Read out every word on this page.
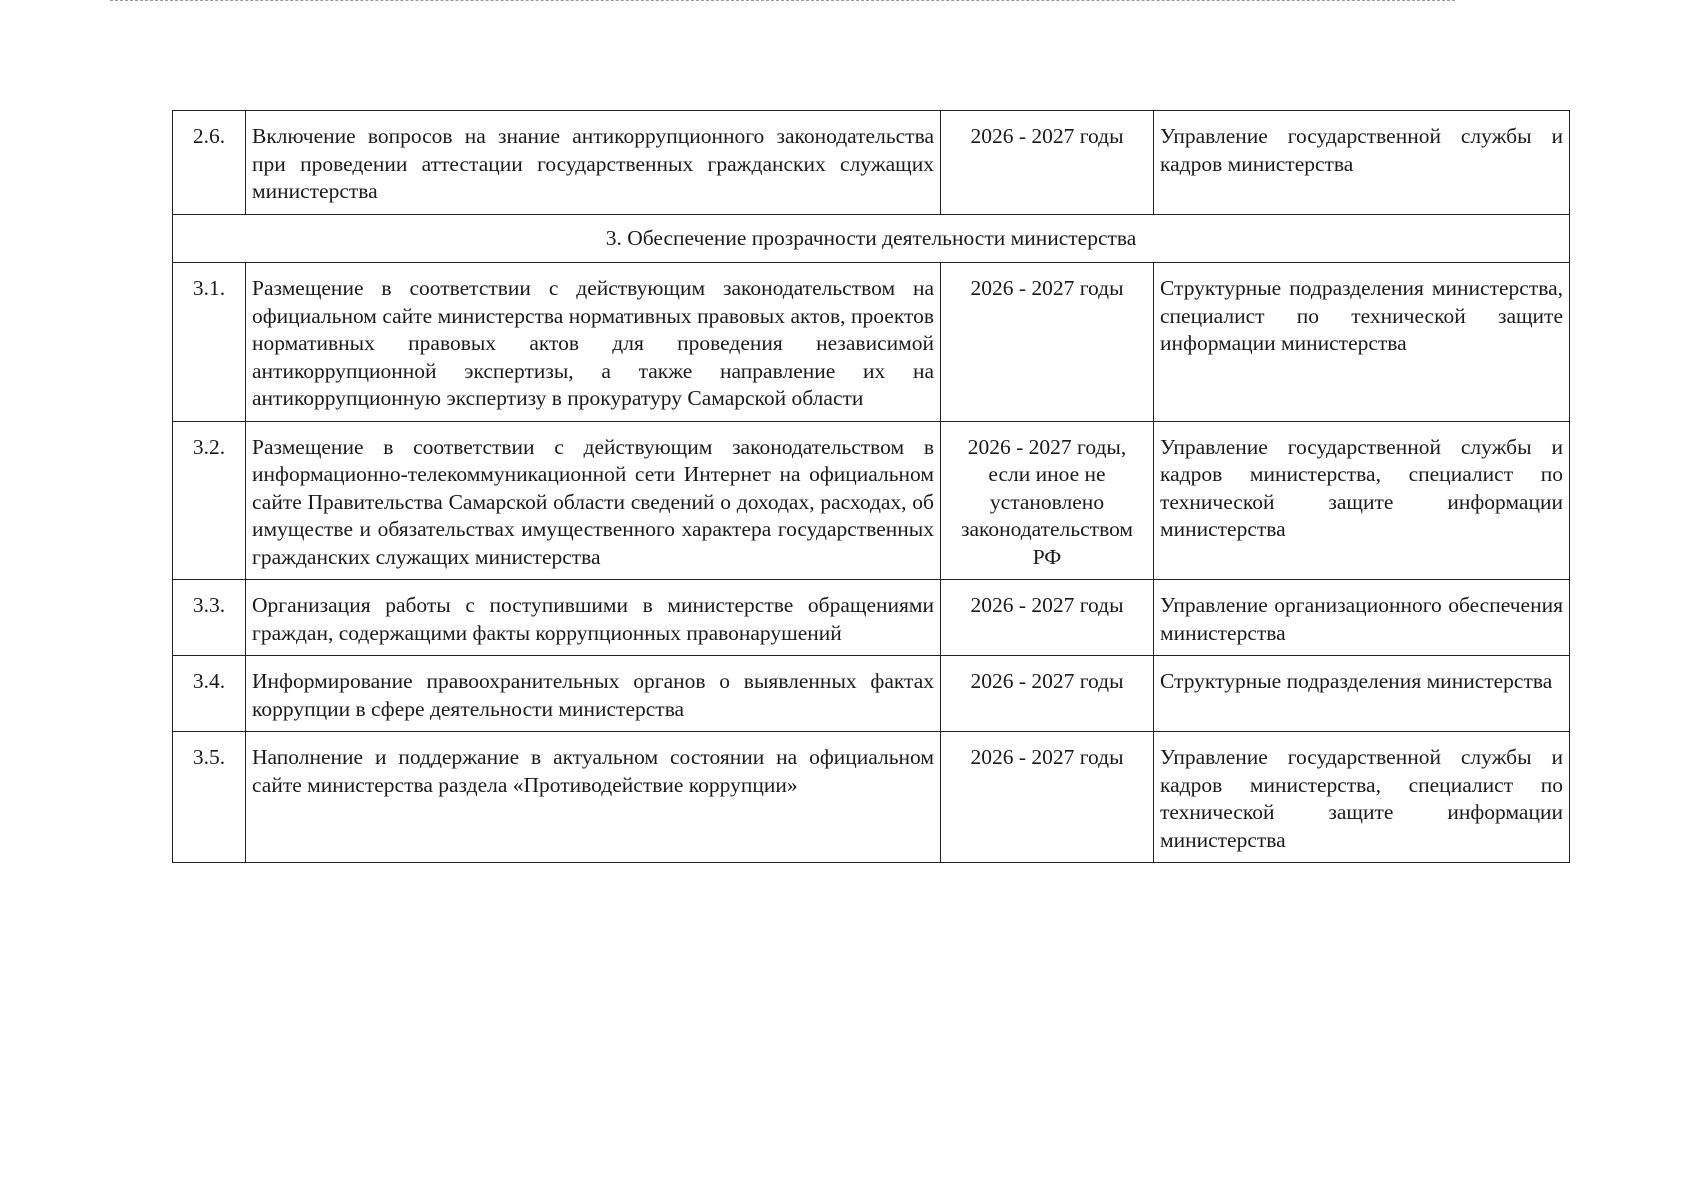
2.6.	Включение вопросов на знание антикоррупционного законодательства при проведении аттестации государственных гражданских служащих министерства	2026 - 2027 годы	Управление государственной службы и кадров министерства
3. Обеспечение прозрачности деятельности министерства			
3.1.	Размещение в соответствии с действующим законодательством на официальном сайте министерства нормативных правовых актов, проектов нормативных правовых актов для проведения независимой антикоррупционной экспертизы, а также направление их на антикоррупционную экспертизу в прокуратуру Самарской области	2026 - 2027 годы	Структурные подразделения министерства, специалист по технической защите информации министерства
3.2.	Размещение в соответствии с действующим законодательством в информационно-телекоммуникационной сети Интернет на официальном сайте Правительства Самарской области сведений о доходах, расходах, об имуществе и обязательствах имущественного характера государственных гражданских служащих министерства	2026 - 2027 годы, если иное не установлено законодательством РФ	Управление государственной службы и кадров министерства, специалист по технической защите информации министерства
3.3.	Организация работы с поступившими в министерстве обращениями граждан, содержащими факты коррупционных правонарушений	2026 - 2027 годы	Управление организационного обеспечения министерства
3.4.	Информирование правоохранительных органов о выявленных фактах коррупции в сфере деятельности министерства	2026 - 2027 годы	Структурные подразделения министерства
3.5.	Наполнение и поддержание в актуальном состоянии на официальном сайте министерства раздела «Противодействие коррупции»	2026 - 2027 годы	Управление государственной службы и кадров министерства, специалист по технической защите информации министерства
